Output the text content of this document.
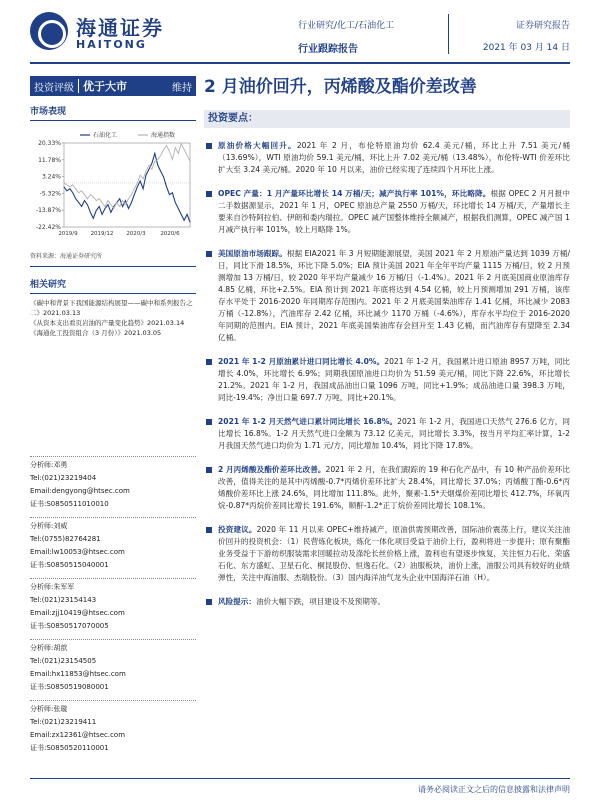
海通证券
HAITONG
行业研究/化工/石油化工
行业跟踪报告
证券研究报告
2021 年 03 月 14 日
投资评级 优于大市	维持 2 月油价回升，丙烯酸及酯价差改善
市场表现
20.33%
11.78%
3.24%
-5.32%
-13.87%
-22.42%
2019/9 2019/12 2020/3	2020/6
石油化工	海通指数
资料来源：海通证券研究所
相关研究
《碳中和背景下我国能源结构展望——碳中和系列报告之二》2021.03.13
《从资本支出看页岩油的产量变化趋势》2021.03.14
《海通化工投资组合（3 月份）》2021.03.05
分析师:邓勇
Tel:(021)23219404
Email:dengyong@htsec.com
证书:S0850511010010
分析师:刘威
Tel:(0755)82764281
Email:lw10053@htsec.com
证书:S0850515040001
分析师:朱军军
Tel:(021)23154143
Email:zjj10419@htsec.com
证书:S0850517070005
分析师:胡歆
Tel:(021)23154505
Email:hx11853@htsec.com
证书:S0850519080001
分析师:张璇
Tel:(021)23219411
Email:zx12361@htsec.com
证书:S0850520110001
投资要点：
原油价格大幅回升。2021 年 2 月，布伦特原油均价 62.4 美元/桶，环比上升 7.51 美元/桶（13.69%），WTI 原油均价 59.1 美元/桶，环比上升 7.02 美元/桶（13.48%），布伦特-WTI 价差环比扩大至 3.24 美元/桶。2020 年 10 月以来，油价已经实现了连续四个月环比上涨。
OPEC 产量：1 月产量环比增长 14 万桶/天；减产执行率 101%，环比略降。根据 OPEC 2 月月报中二手数据源显示，2021 年 1 月，OPEC 原油总产量 2550 万桶/天，环比增长 14 万桶/天，产量增长主要来自沙特阿拉伯、伊朗和委内瑞拉。OPEC 减产国整体维持全额减产，根据我们测算，OPEC 减产国 1 月减产执行率 101%，较上月略降 1%。
美国原油市场跟踪。根据 EIA2021 年 3 月短期能源展望，美国 2021 年 2 月原油产量达到 1039 万桶/日，同比下滑 18.5%，环比下降 5.0%；EIA 预计美国 2021 年全年平均产量 1115 万桶/日，较 2 月预测增加 13 万桶/日，较 2020 年平均产量减少 16 万桶/日（-1.4%）。2021 年 2 月底美国商业原油库存 4.85 亿桶，环比+2.5%。EIA 预计到 2021 年底将达到 4.54 亿桶，较上月预测增加 291 万桶，该库存水平处于 2016-2020 年同期库存范围内。2021 年 2 月底美国柴油库存 1.41 亿桶，环比减少 2083 万桶（-12.8%），汽油库存 2.42 亿桶，环比减少 1170 万桶（-4.6%），库存水平均位于 2016-2020 年同期的范围内。EIA 预计，2021 年底美国柴油库存会回升至 1.43 亿桶，而汽油库存有望降至 2.34 亿桶。
2021 年 1-2 月原油累计进口同比增长 4.0%。2021 年 1-2 月，我国累计进口原油 8957 万吨，同比增长 4.0%，环比增长 6.9%；同期我国原油进口均价为 51.59 美元/桶，同比下降 22.6%，环比增长 21.2%。2021 年 1-2 月，我国成品油出口量 1096 万吨，同比+1.9%；成品油进口量 398.3 万吨，同比-19.4%；净出口量 697.7 万吨，同比+20.1%。
2021 年 1-2 月天然气进口累计同比增长 16.8%。2021 年 1-2 月，我国进口天然气 276.6 亿方，同比增长 16.8%。1-2 月天然气进口金额为 73.12 亿美元，同比增长 3.3%，按当月平均汇率计算，1-2 月我国天然气进口均价为 1.71 元/方，同比增加 10.4%，同比下降 17.8%。
2 月丙烯酸及酯价差环比改善。2021 年 2 月，在我们跟踪的 19 种石化产品中，有 10 种产品价差环比改善，值得关注的是其中丙烯酸-0.7*丙烯价差环比扩大 28.4%，同比增长 37.0%；丙烯酸丁酯-0.6*丙烯酸价差环比上涨 24.6%，同比增加 111.8%。此外，聚素-1.5*天烟煤价差同比增长 412.7%，环氧丙烷-0.87*丙烷价差同比增长 191.6%，顺酐-1.2*正丁烷价差同比增长 108.1%。
投资建议。2020 年 11 月以来 OPEC+维持减产，原油供需预期改善，国际油价震荡上行，建议关注油价回升的投资机会：（1）民营炼化板块，炼化一体化项目受益于油价上行，盈利将进一步提升；原有聚酯业务受益于下游纺织服装需求回暖拉动及涤纶长丝价格上涨，盈利也有望逐步恢复，关注恒力石化、荣盛石化、东方盛虹、卫星石化、桐昆股份、恒逸石化。（2）油服板块，油价上涨，油服公司具有较好的业绩弹性，关注中海油服、杰瑞股份。（3）国内海洋油气龙头企业中国海洋石油（H）。
风险提示：油价大幅下跌，项目建设不及预期等。
请务必阅读正文之后的信息披露和法律声明
